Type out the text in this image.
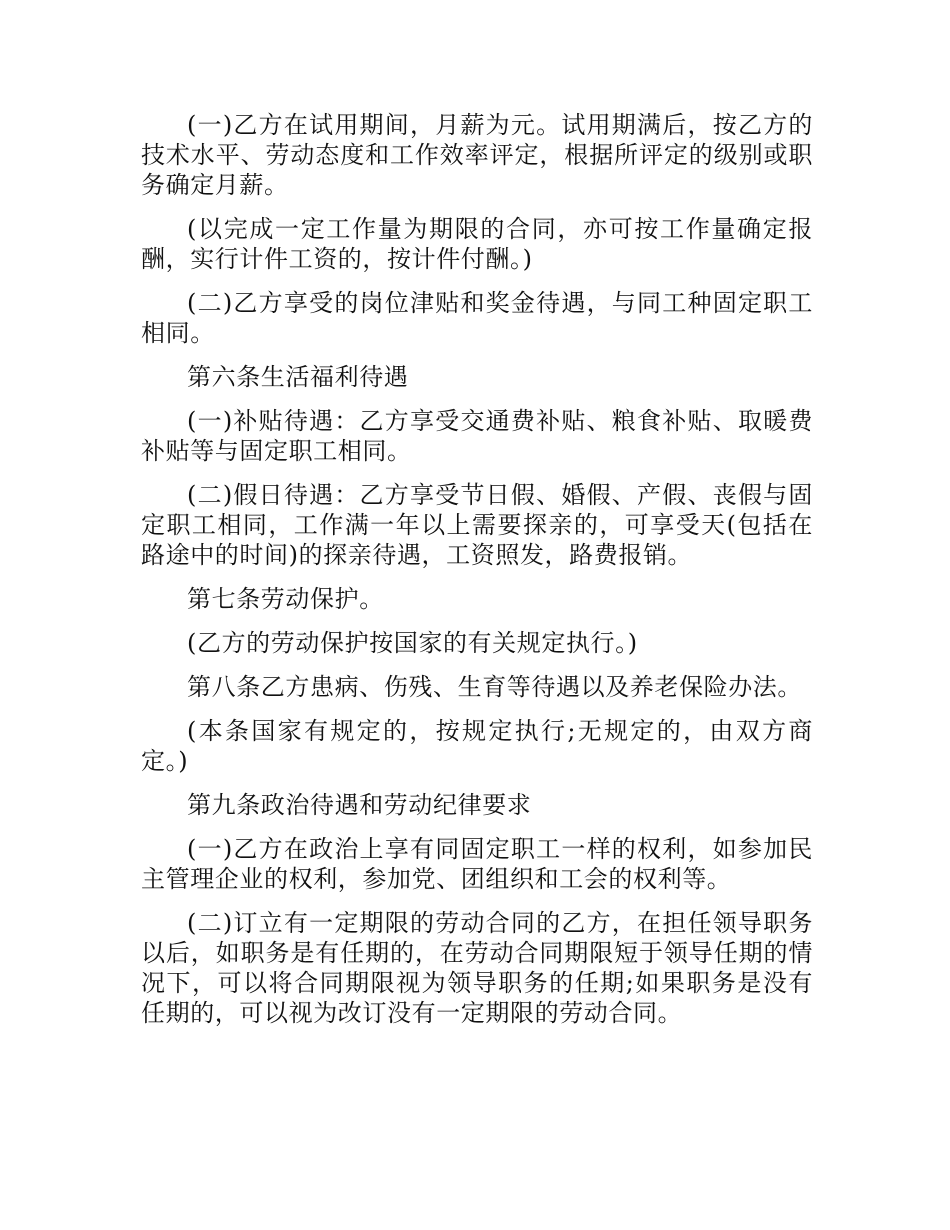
(一)乙方在试用期间，月薪为元。试用期满后，按乙方的技术水平、劳动态度和工作效率评定，根据所评定的级别或职务确定月薪。

(以完成一定工作量为期限的合同，亦可按工作量确定报酬，实行计件工资的，按计件付酬。)

(二)乙方享受的岗位津贴和奖金待遇，与同工种固定职工相同。

第六条生活福利待遇

(一)补贴待遇：乙方享受交通费补贴、粮食补贴、取暖费补贴等与固定职工相同。

(二)假日待遇：乙方享受节日假、婚假、产假、丧假与固定职工相同，工作满一年以上需要探亲的，可享受天(包括在路途中的时间)的探亲待遇，工资照发，路费报销。

第七条劳动保护。

(乙方的劳动保护按国家的有关规定执行。)

第八条乙方患病、伤残、生育等待遇以及养老保险办法。

(本条国家有规定的，按规定执行;无规定的，由双方商定。)

第九条政治待遇和劳动纪律要求

(一)乙方在政治上享有同固定职工一样的权利，如参加民主管理企业的权利，参加党、团组织和工会的权利等。

(二)订立有一定期限的劳动合同的乙方，在担任领导职务以后，如职务是有任期的，在劳动合同期限短于领导任期的情况下，可以将合同期限视为领导职务的任期;如果职务是没有任期的，可以视为改订没有一定期限的劳动合同。
